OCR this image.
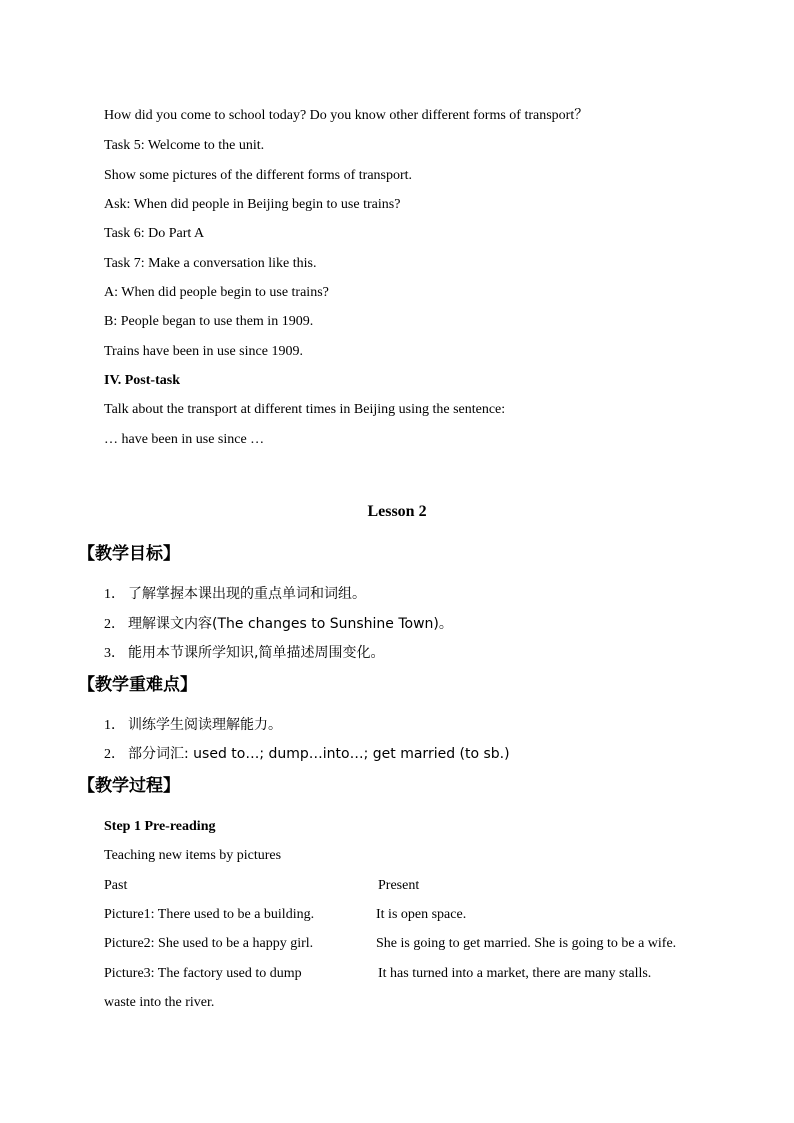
How did you come to school today? Do you know other different forms of transport？
Task 5: Welcome to the unit.
Show some pictures of the different forms of transport.
Ask: When did people in Beijing begin to use trains?
Task 6: Do Part A
Task 7: Make a conversation like this.
A: When did people begin to use trains?
B: People began to use them in 1909.
Trains have been in use since 1909.
IV. Post-task
Talk about the transport at different times in Beijing using the sentence:
… have been in use since …
Lesson 2
【教学目标】
1． 了解掌握本课出现的重点单词和词组。
2． 理解课文内容(The changes to Sunshine Town)。
3． 能用本节课所学知识,简单描述周围变化。
【教学重难点】
1． 训练学生阅读理解能力。
2． 部分词汇: used to…; dump…into…; get married (to sb.)
【教学过程】
Step 1 Pre-reading
Teaching new items by pictures
Past	Present
Picture1: There used to be a building.	It is open space.
Picture2: She used to be a happy girl.	She is going to get married. She is going to be a wife.
Picture3: The factory used to dump	It has turned into a market, there are many stalls.
waste into the river.
